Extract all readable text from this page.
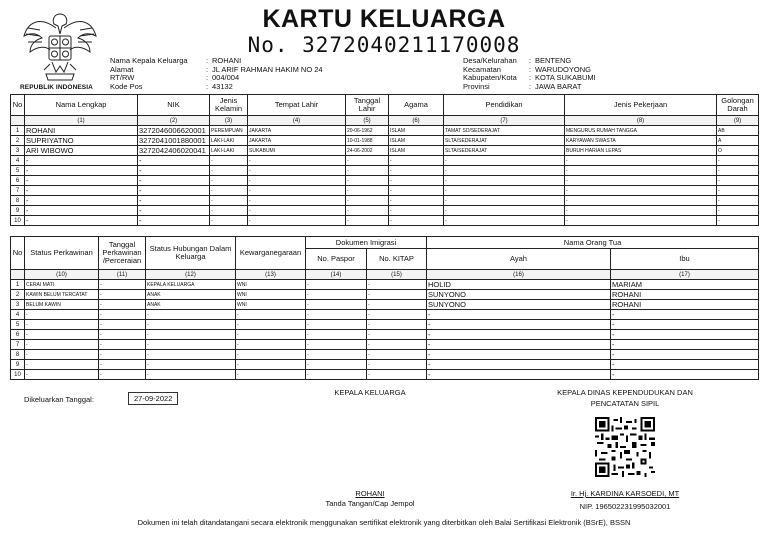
REPUBLIK INDONESIA
KARTU KELUARGA
No. 3272040211170008
Nama Kepala Keluarga	: ROHANI
Alamat	: JL ARIF RAHMAN HAKIM NO 24
RT/RW	: 004/004
Kode Pos	: 43132
Desa/Kelurahan	: BENTENG
Kecamatan	: WARUDOYONG
Kabupaten/Kota	: KOTA SUKABUMI
Provinsi	: JAWA BARAT
No	Nama Lengkap	NIK	Jenis Kelamin	Tempat Lahir	Tanggal Lahir	Agama	Pendidikan	Jenis Pekerjaan	Golongan Darah
	(1)	(2)	(3)	(4)	(5)	(6)	(7)	(8)	(9)
1	ROHANI	3272046006620001	PEREMPUAN	JAKARTA	20-06-1962	ISLAM	TAMAT SD/SEDERAJAT	MENGURUS RUMAH TANGGA	AB
2	SUPRIYATNO	3272041001880001	LAKI-LAKI	JAKARTA	10-01-1988	ISLAM	SLTA/SEDERAJAT	KARYAWAN SWASTA	A
3	ARI WIBOWO	3272042406020041	LAKI-LAKI	SUKABUMI	24-06-2002	ISLAM	SLTA/SEDERAJAT	BURUH HARIAN LEPAS	O
4	-	-	-	-	-	-	-	-	-
5	-	-	-	-	-	-	-	-	-
6	-	-	-	-	-	-	-	-	-
7	-	-	-	-	-	-	-	-	-
8	-	-	-	-	-	-	-	-	-
9	-	-	-	-	-	-	-	-	-
10	-	-	-	-	-	-	-	-	-
No	Status Perkawinan	Tanggal Perkawinan /Perceraian	Status Hubungan Dalam Keluarga	Kewarganegaraan	Dokumen Imigrasi		Nama Orang Tua	
					No. Paspor	No. KITAP	Ayah	Ibu
	(10)	(11)	(12)	(13)	(14)	(15)	(16)	(17)
1	CERAI MATI	-	KEPALA KELUARGA	WNI	-	-	HOLID	MARIAM
2	KAWIN BELUM TERCATAT	-	ANAK	WNI	-	-	SUNYONO	ROHANI
3	BELUM KAWIN	-	ANAK	WNI	-	-	SUNYONO	ROHANI
4	-	-	-	-	-	-	-	-
5	-	-	-	-	-	-	-	-
6	-	-	-	-	-	-	-	-
7	-	-	-	-	-	-	-	-
8	-	-	-	-	-	-	-	-
9	-	-	-	-	-	-	-	-
10	-	-	-	-	-	-	-	-
Dikeluarkan Tanggal:	27-09-2022
KEPALA KELUARGA
ROHANI
Tanda Tangan/Cap Jempol
KEPALA DINAS KEPENDUDUKAN DAN
PENCATATAN SIPIL
Ir. Hj. KARDINA KARSOEDI, MT
NIP. 196502231995032001
Dokumen ini telah ditandatangani secara elektronik menggunakan sertifikat elektronik yang diterbitkan oleh Balai Sertifikasi Elektronik (BSrE), BSSN
